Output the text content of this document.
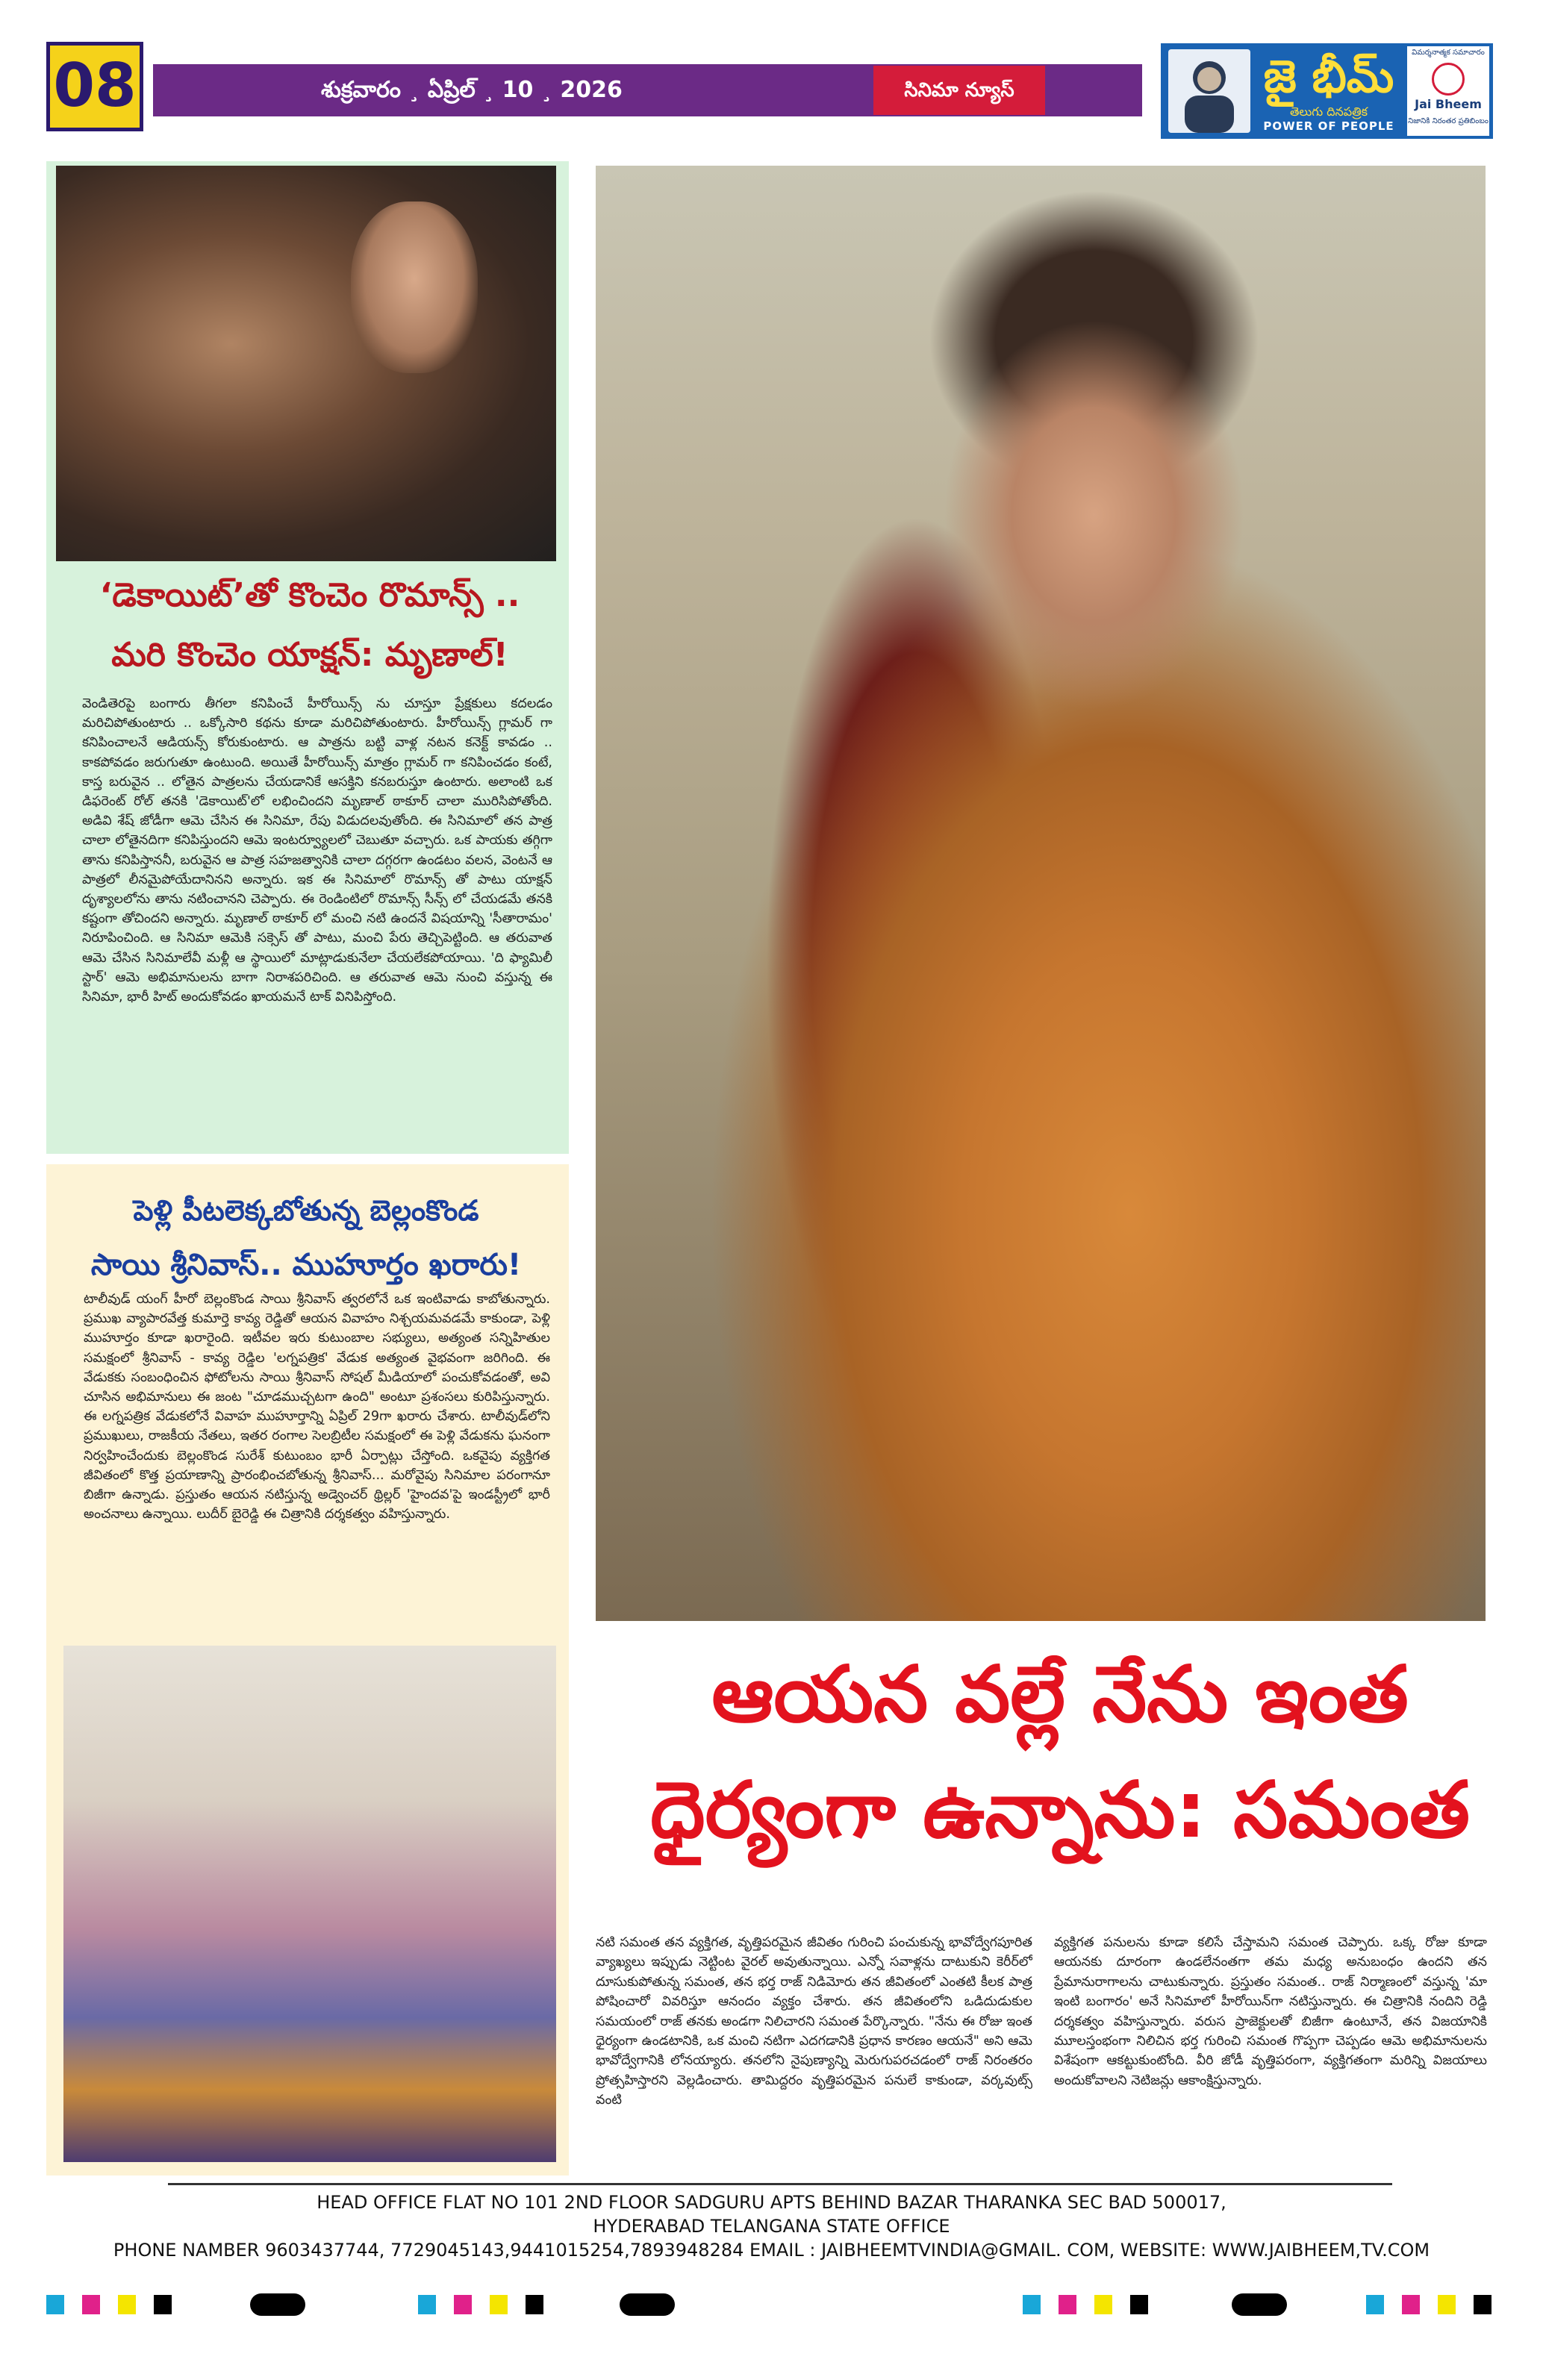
08	శుక్రవారం ¸ ఏప్రిల్ ¸ 10 ¸ 2026	సినిమా న్యూస్	జై భీమ్
తెలుగు దినపత్రిక
POWER OF PEOPLE
విమర్శనాత్మక సమాచారం
Jai Bheem
నిజానికి నిరంతర ప్రతిబింబం
‘డెకాయిట్’తో కొంచెం రొమాన్స్ ..
మరి కొంచెం యాక్షన్: మృణాల్!
వెండితెరపై బంగారు తీగలా కనిపించే హీరోయిన్స్ ను చూస్తూ ప్రేక్షకులు కదలడం మరిచిపోతుంటారు .. ఒక్కోసారి కథను కూడా మరిచిపోతుంటారు. హీరోయిన్స్ గ్లామర్ గా కనిపించాలనే ఆడియన్స్ కోరుకుంటారు. ఆ పాత్రను బట్టి వాళ్ల నటన కనెక్ట్ కావడం .. కాకపోవడం జరుగుతూ ఉంటుంది. అయితే హీరోయిన్స్ మాత్రం గ్లామర్ గా కనిపించడం కంటే, కాస్త బరువైన .. లోతైన పాత్రలను చేయడానికే ఆసక్తిని కనబరుస్తూ ఉంటారు. అలాంటి ఒక డిఫరెంట్ రోల్ తనకి 'డెకాయిట్'లో లభించిందని మృణాల్ ఠాకూర్ చాలా మురిసిపోతోంది. అడివి శేష్ జోడీగా ఆమె చేసిన ఈ సినిమా, రేపు విడుదలవుతోంది. ఈ సినిమాలో తన పాత్ర చాలా లోతైనదిగా కనిపిస్తుందని ఆమె ఇంటర్వ్యూలలో చెబుతూ వచ్చారు. ఒక పాయకు తగ్గిగా తాను కనిపిస్తాననీ, బరువైన ఆ పాత్ర సహజత్వానికి చాలా దగ్గరగా ఉండటం వలన, వెంటనే ఆ పాత్రలో లీనమైపోయేదానినని అన్నారు. ఇక ఈ సినిమాలో రొమాన్స్ తో పాటు యాక్షన్ దృశ్యాలలోను తాను నటించానని చెప్పారు. ఈ రెండింటిలో రొమాన్స్ సీన్స్ లో చేయడమే తనకి కష్టంగా తోచిందని అన్నారు. మృణాల్ ఠాకూర్ లో మంచి నటి ఉందనే విషయాన్ని 'సీతారామం' నిరూపించింది. ఆ సినిమా ఆమెకి సక్సెస్ తో పాటు, మంచి పేరు తెచ్చిపెట్టింది. ఆ తరువాత ఆమె చేసిన సినిమాలేవీ మళ్లీ ఆ స్థాయిలో మాట్లాడుకునేలా చేయలేకపోయాయి. 'ది ఫ్యామిలీ స్టార్' ఆమె అభిమానులను బాగా నిరాశపరిచింది. ఆ తరువాత ఆమె నుంచి వస్తున్న ఈ సినిమా, భారీ హిట్ అందుకోవడం ఖాయమనే టాక్ వినిపిస్తోంది.
పెళ్లి పీటలెక్కబోతున్న బెల్లంకొండ
సాయి శ్రీనివాస్.. ముహూర్తం ఖరారు!
టాలీవుడ్ యంగ్ హీరో బెల్లంకొండ సాయి శ్రీనివాస్ త్వరలోనే ఒక ఇంటివాడు కాబోతున్నారు. ప్రముఖ వ్యాపారవేత్త కుమార్తె కావ్య రెడ్డితో ఆయన వివాహం నిశ్చయమవడమే కాకుండా, పెళ్లి ముహూర్తం కూడా ఖరారైంది. ఇటీవల ఇరు కుటుంబాల సభ్యులు, అత్యంత సన్నిహితుల సమక్షంలో శ్రీనివాస్ - కావ్య రెడ్డిల 'లగ్నపత్రిక' వేడుక అత్యంత వైభవంగా జరిగింది. ఈ వేడుకకు సంబంధించిన ఫోటోలను సాయి శ్రీనివాస్ సోషల్ మీడియాలో పంచుకోవడంతో, అవి చూసిన అభిమానులు ఈ జంట "చూడముచ్చటగా ఉంది" అంటూ ప్రశంసలు కురిపిస్తున్నారు. ఈ లగ్నపత్రిక వేడుకలోనే వివాహ ముహూర్తాన్ని ఏప్రిల్ 29గా ఖరారు చేశారు. టాలీవుడ్‌లోని ప్రముఖులు, రాజకీయ నేతలు, ఇతర రంగాల సెలబ్రిటీల సమక్షంలో ఈ పెళ్లి వేడుకను ఘనంగా నిర్వహించేందుకు బెల్లంకొండ సురేశ్ కుటుంబం భారీ ఏర్పాట్లు చేస్తోంది. ఒకవైపు వ్యక్తిగత జీవితంలో కొత్త ప్రయాణాన్ని ప్రారంభించబోతున్న శ్రీనివాస్... మరోవైపు సినిమాల పరంగానూ బిజీగా ఉన్నాడు. ప్రస్తుతం ఆయన నటిస్తున్న అడ్వెంచర్ థ్రిల్లర్ 'హైందవ'పై ఇండస్ట్రీలో భారీ అంచనాలు ఉన్నాయి. లుదీర్ బైరెడ్డి ఈ చిత్రానికి దర్శకత్వం వహిస్తున్నారు.
ఆయన వల్లే నేను ఇంత
ధైర్యంగా ఉన్నాను: సమంత
నటి సమంత తన వ్యక్తిగత, వృత్తిపరమైన జీవితం గురించి పంచుకున్న భావోద్వేగపూరిత వ్యాఖ్యలు ఇప్పుడు నెట్టింట వైరల్ అవుతున్నాయి. ఎన్నో సవాళ్లను దాటుకుని కెరీర్‌లో దూసుకుపోతున్న సమంత, తన భర్త రాజ్ నిడిమోరు తన జీవితంలో ఎంతటి కీలక పాత్ర పోషించారో వివరిస్తూ ఆనందం వ్యక్తం చేశారు. తన జీవితంలోని ఒడిదుడుకుల సమయంలో రాజ్ తనకు అండగా నిలిచారని సమంత పేర్కొన్నారు. "నేను ఈ రోజు ఇంత ధైర్యంగా ఉండటానికి, ఒక మంచి నటిగా ఎదగడానికి ప్రధాన కారణం ఆయనే" అని ఆమె భావోద్వేగానికి లోనయ్యారు. తనలోని నైపుణ్యాన్ని మెరుగుపరచడంలో రాజ్ నిరంతరం ప్రోత్సహిస్తారని వెల్లడించారు. తామిద్దరం వృత్తిపరమైన పనులే కాకుండా, వర్కవుట్స్ వంటి
వ్యక్తిగత పనులను కూడా కలిసే చేస్తామని సమంత చెప్పారు. ఒక్క రోజు కూడా ఆయనకు దూరంగా ఉండలేనంతగా తమ మధ్య అనుబంధం ఉందని తన ప్రేమానురాగాలను చాటుకున్నారు. ప్రస్తుతం సమంత.. రాజ్ నిర్మాణంలో వస్తున్న 'మా ఇంటి బంగారం' అనే సినిమాలో హీరోయిన్‌గా నటిస్తున్నారు. ఈ చిత్రానికి నందిని రెడ్డి దర్శకత్వం వహిస్తున్నారు. వరుస ప్రాజెక్టులతో బిజీగా ఉంటూనే, తన విజయానికి మూలస్తంభంగా నిలిచిన భర్త గురించి సమంత గొప్పగా చెప్పడం ఆమె అభిమానులను విశేషంగా ఆకట్టుకుంటోంది. వీరి జోడీ వృత్తిపరంగా, వ్యక్తిగతంగా మరిన్ని విజయాలు అందుకోవాలని నెటిజన్లు ఆకాంక్షిస్తున్నారు.
HEAD OFFICE FLAT NO 101 2ND FLOOR SADGURU APTS BEHIND BAZAR THARANKA SEC BAD 500017,
HYDERABAD TELANGANA STATE OFFICE
PHONE NAMBER 9603437744, 7729045143,9441015254,7893948284 EMAIL : JAIBHEEMTVINDIA@GMAIL. COM, WEBSITE: WWW.JAIBHEEM,TV.COM
